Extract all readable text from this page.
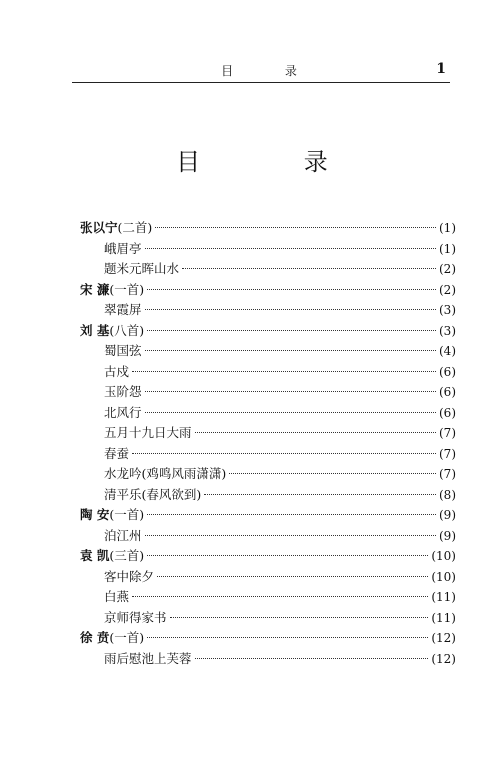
目 录	1
目 录
张以宁(二首)	(1)
峨眉亭	(1)
题米元晖山水	(2)
宋 濂(一首)	(2)
翠霞屏	(3)
刘 基(八首)	(3)
蜀国弦	(4)
古戍	(6)
玉阶怨	(6)
北风行	(6)
五月十九日大雨	(7)
春蚕	(7)
水龙吟(鸡鸣风雨潇潇)	(7)
清平乐(春风欲到)	(8)
陶 安(一首)	(9)
泊江州	(9)
袁 凯(三首)	(10)
客中除夕	(10)
白燕	(11)
京师得家书	(11)
徐 贲(一首)	(12)
雨后慰池上芙蓉	(12)
